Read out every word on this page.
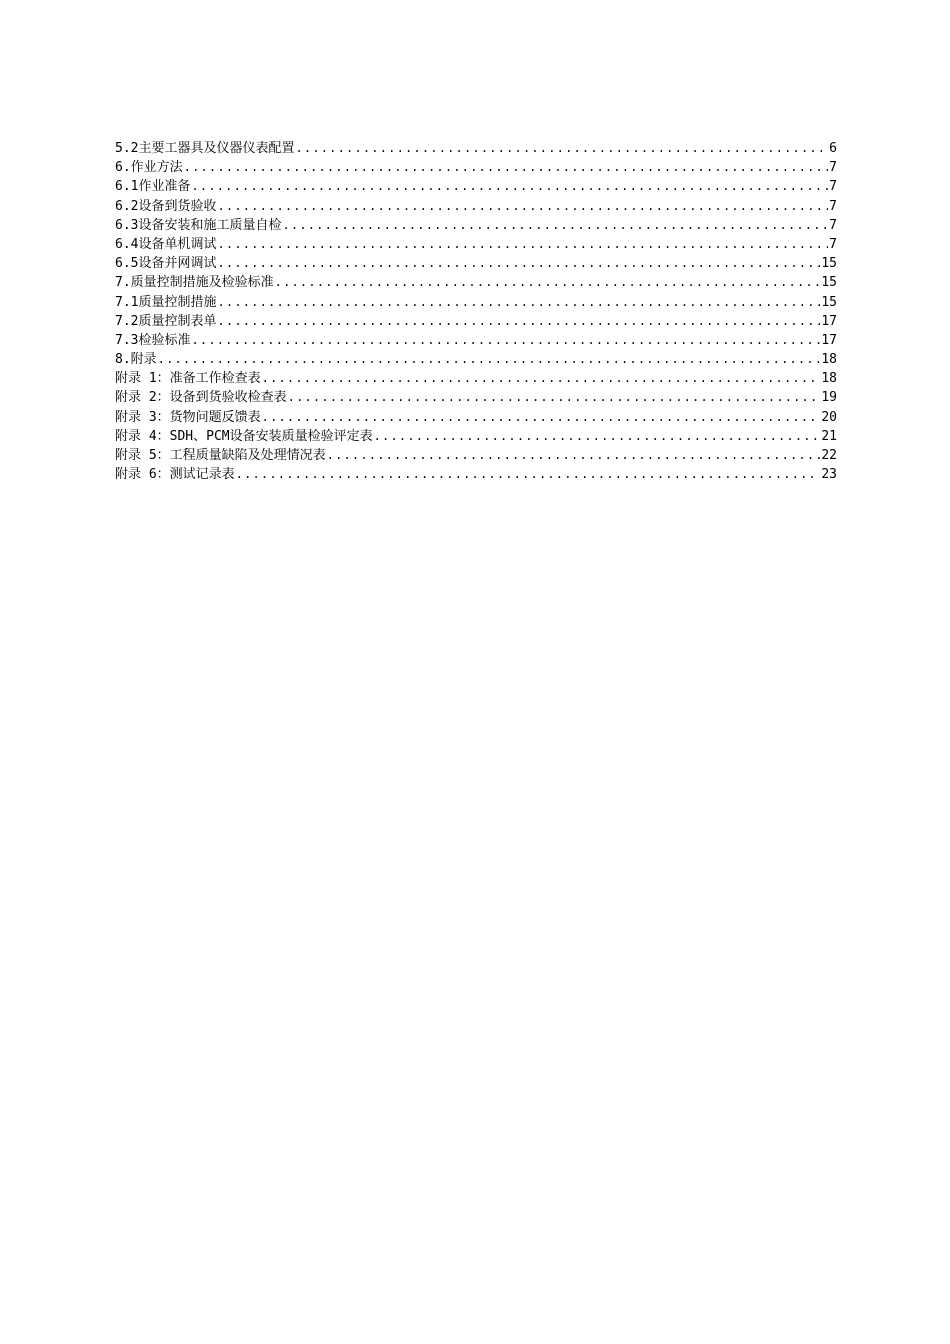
5.2主要工器具及仪器仪表配置 .....	6
6.作业方法 .....	7
6.1作业准备 .....	7
6.2设备到货验收 .....	7
6.3设备安装和施工质量自检 .....	7
6.4设备单机调试 .....	7
6.5设备并网调试 .....	15
7.质量控制措施及检验标准 .....	15
7.1质量控制措施 .....	15
7.2质量控制表单 .....	17
7.3检验标准 .....	17
8.附录 .....	18
附录 1：准备工作检查表 .....	18
附录 2：设备到货验收检查表 .....	19
附录 3：货物问题反馈表 .....	20
附录 4：SDH、PCM设备安装质量检验评定表 .....	21
附录 5：工程质量缺陷及处理情况表 .....	22
附录 6：测试记录表 .....	23
